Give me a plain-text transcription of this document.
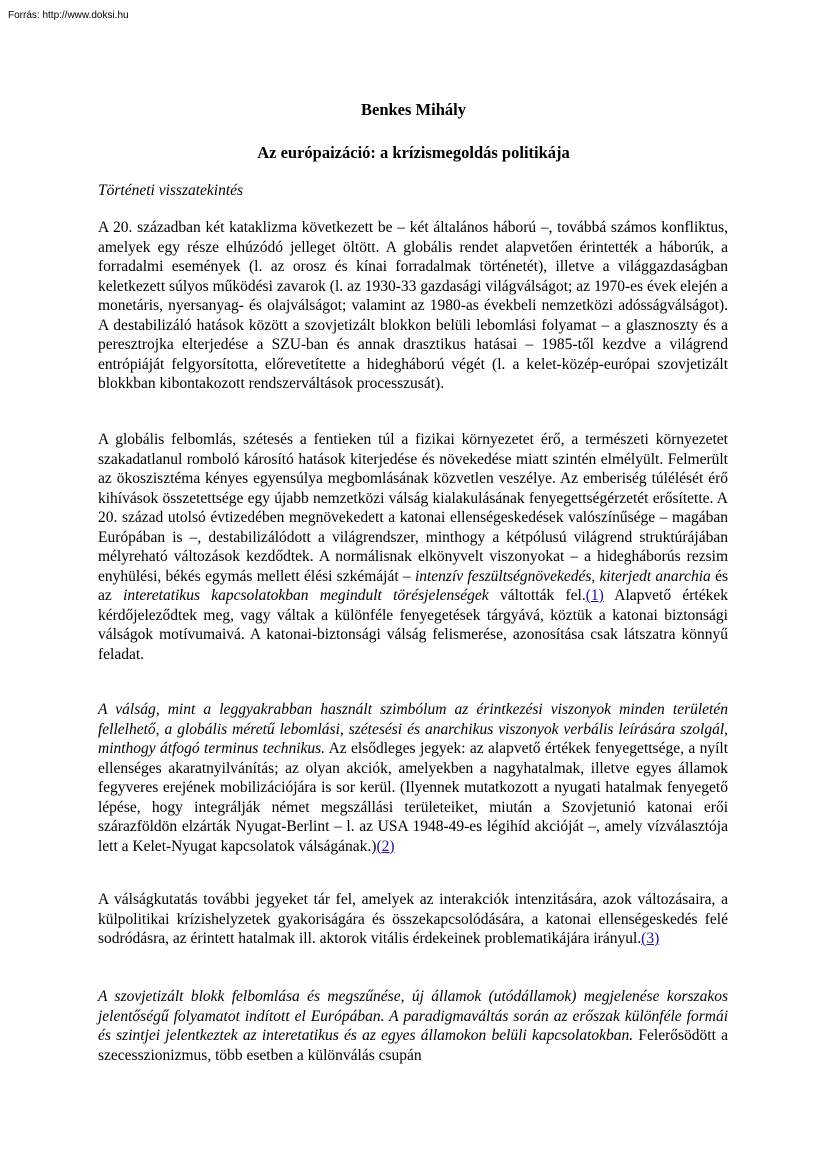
Forrás: http://www.doksi.hu
Benkes Mihály
Az európaizáció: a krízismegoldás politikája
Történeti visszatekintés

A 20. században két kataklizma következett be – két általános háború –, továbbá számos konfliktus, amelyek egy része elhúzódó jelleget öltött. A globális rendet alapvetően érintették a háborúk, a forradalmi események (l. az orosz és kínai forradalmak történetét), illetve a világgazdaságban keletkezett súlyos működési zavarok (l. az 1930-33 gazdasági világválságot; az 1970-es évek elején a monetáris, nyersanyag- és olajválságot; valamint az 1980-as évekbeli nemzetközi adósságválságot). A destabilizáló hatások között a szovjetizált blokkon belüli lebomlási folyamat – a glasznoszty és a peresztrojka elterjedése a SZU-ban és annak drasztikus hatásai – 1985-től kezdve a világrend entrópiáját felgyorsította, előrevetítette a hidegháború végét (l. a kelet-közép-európai szovjetizált blokkban kibontakozott rendszerváltások processzusát).

A globális felbomlás, szétesés a fentieken túl a fizikai környezetet érő, a természeti környezetet szakadatlanul romboló károsító hatások kiterjedése és növekedése miatt szintén elmélyült. Felmerült az ökoszisztéma kényes egyensúlya megbomlásának közvetlen veszélye. Az emberiség túlélését érő kihívások összetettsége egy újabb nemzetközi válság kialakulásának fenyegettségérzetét erősítette. A 20. század utolsó évtizedében megnövekedett a katonai ellenségeskedések valószínűsége – magában Európában is –, destabilizálódott a világrendszer, minthogy a kétpólusú világrend struktúrájában mélyreható változások kezdődtek. A normálisnak elkönyvelt viszonyokat – a hidegháborús rezsim enyhülési, békés egymás mellett élési szkémáját – intenzív feszültségnövekedés, kiterjedt anarchia és az interetatikus kapcsolatokban megindult törésjelenségek váltották fel.(1) Alapvető értékek kérdőjeleződtek meg, vagy váltak a különféle fenyegetések tárgyává, köztük a katonai biztonsági válságok motívumaivá. A katonai-biztonsági válság felismerése, azonosítása csak látszatra könnyű feladat.

A válság, mint a leggyakrabban használt szimbólum az érintkezési viszonyok minden területén fellelhető, a globális méretű lebomlási, szétesési és anarchikus viszonyok verbális leírására szolgál, minthogy átfogó terminus technikus. Az elsődleges jegyek: az alapvető értékek fenyegettsége, a nyílt ellenséges akaratnyilvánítás; az olyan akciók, amelyekben a nagyhatalmak, illetve egyes államok fegyveres erejének mobilizációjára is sor kerül. (Ilyennek mutatkozott a nyugati hatalmak fenyegető lépése, hogy integrálják német megszállási területeiket, miután a Szovjetunió katonai erői szárazföldön elzárták Nyugat-Berlint – l. az USA 1948-49-es légihíd akcióját –, amely vízválasztója lett a Kelet-Nyugat kapcsolatok válságának.)(2)

A válságkutatás további jegyeket tár fel, amelyek az interakciók intenzitására, azok változásaira, a külpolitikai krízishelyzetek gyakoriságára és összekapcsolódására, a katonai ellenségeskedés felé sodródásra, az érintett hatalmak ill. aktorok vitális érdekeinek problematikájára irányul.(3)

A szovjetizált blokk felbomlása és megszűnése, új államok (utódállamok) megjelenése korszakos jelentőségű folyamatot indított el Európában. A paradigmaváltás során az erőszak különféle formái és szintjei jelentkeztek az interetatikus és az egyes államokon belüli kapcsolatokban. Felerősödött a szecesszionizmus, több esetben a különválás csupán
